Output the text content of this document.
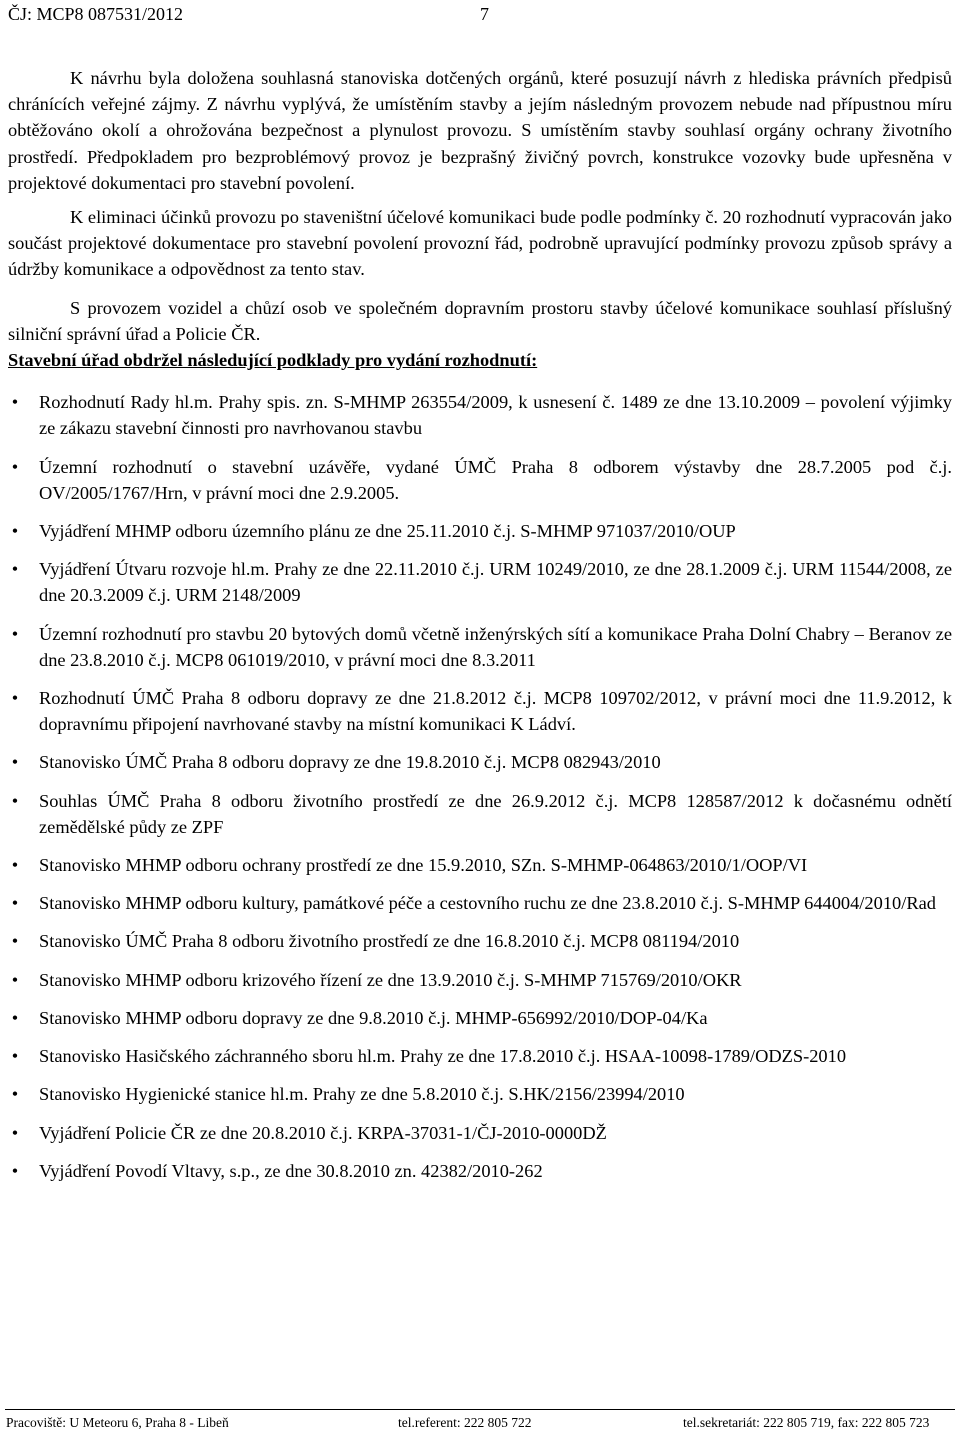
ČJ: MCP8 087531/2012	7

K návrhu byla doložena souhlasná stanoviska dotčených orgánů, které posuzují návrh z hlediska právních předpisů chránících veřejné zájmy. Z návrhu vyplývá, že umístěním stavby a jejím následným provozem nebude nad přípustnou míru obtěžováno okolí a ohrožována bezpečnost a plynulost provozu. S umístěním stavby souhlasí orgány ochrany životního prostředí. Předpokladem pro bezproblémový provoz je bezprašný živičný povrch, konstrukce vozovky bude upřesněna v projektové dokumentaci pro stavební povolení.

K eliminaci účinků provozu po staveništní účelové komunikaci bude podle podmínky č. 20 rozhodnutí vypracován jako součást projektové dokumentace pro stavební povolení provozní řád, podrobně upravující podmínky provozu způsob správy a údržby komunikace a odpovědnost za tento stav.

S provozem vozidel a chůzí osob ve společném dopravním prostoru stavby účelové komunikace souhlasí příslušný silniční správní úřad a Policie ČR.

Stavební úřad obdržel následující podklady pro vydání rozhodnutí:

•
Rozhodnutí Rady hl.m. Prahy spis. zn. S-MHMP 263554/2009, k usnesení č. 1489 ze dne 13.10.2009 – povolení výjimky ze zákazu stavební činnosti pro navrhovanou stavbu
•
Územní rozhodnutí o stavební uzávěře, vydané ÚMČ Praha 8 odborem výstavby dne 28.7.2005 pod č.j. OV/2005/1767/Hrn, v právní moci dne 2.9.2005.
•
Vyjádření MHMP odboru územního plánu ze dne 25.11.2010 č.j. S-MHMP 971037/2010/OUP
•
Vyjádření Útvaru rozvoje hl.m. Prahy ze dne 22.11.2010 č.j. URM 10249/2010, ze dne 28.1.2009 č.j. URM 11544/2008, ze dne 20.3.2009 č.j. URM 2148/2009
•
Územní rozhodnutí pro stavbu 20 bytových domů včetně inženýrských sítí a komunikace Praha Dolní Chabry – Beranov ze dne 23.8.2010 č.j. MCP8 061019/2010, v právní moci dne 8.3.2011
•
Rozhodnutí ÚMČ Praha 8 odboru dopravy ze dne 21.8.2012 č.j. MCP8 109702/2012, v právní moci dne 11.9.2012, k dopravnímu připojení navrhované stavby na místní komunikaci K Ládví.
•
Stanovisko ÚMČ Praha 8 odboru dopravy ze dne 19.8.2010 č.j. MCP8 082943/2010
•
Souhlas ÚMČ Praha 8 odboru životního prostředí ze dne 26.9.2012 č.j. MCP8 128587/2012 k dočasnému odnětí zemědělské půdy ze ZPF
•
Stanovisko MHMP odboru ochrany prostředí ze dne 15.9.2010, SZn. S-MHMP-064863/2010/1/OOP/VI
•
Stanovisko MHMP odboru kultury, památkové péče a cestovního ruchu ze dne 23.8.2010 č.j. S-MHMP 644004/2010/Rad
•
Stanovisko ÚMČ Praha 8 odboru životního prostředí ze dne 16.8.2010 č.j. MCP8 081194/2010
•
Stanovisko MHMP odboru krizového řízení ze dne 13.9.2010 č.j. S-MHMP 715769/2010/OKR
•
Stanovisko MHMP odboru dopravy ze dne 9.8.2010 č.j. MHMP-656992/2010/DOP-04/Ka
•
Stanovisko Hasičského záchranného sboru hl.m. Prahy ze dne 17.8.2010 č.j. HSAA-10098-1789/ODZS-2010
•
Stanovisko Hygienické stanice hl.m. Prahy ze dne 5.8.2010 č.j. S.HK/2156/23994/2010
•
Vyjádření Policie ČR ze dne 20.8.2010 č.j. KRPA-37031-1/ČJ-2010-0000DŽ
•
Vyjádření Povodí Vltavy, s.p., ze dne 30.8.2010 zn. 42382/2010-262
Pracoviště: U Meteoru 6, Praha 8 - Libeň	tel.referent: 222 805 722	tel.sekretariát: 222 805 719, fax: 222 805 723
